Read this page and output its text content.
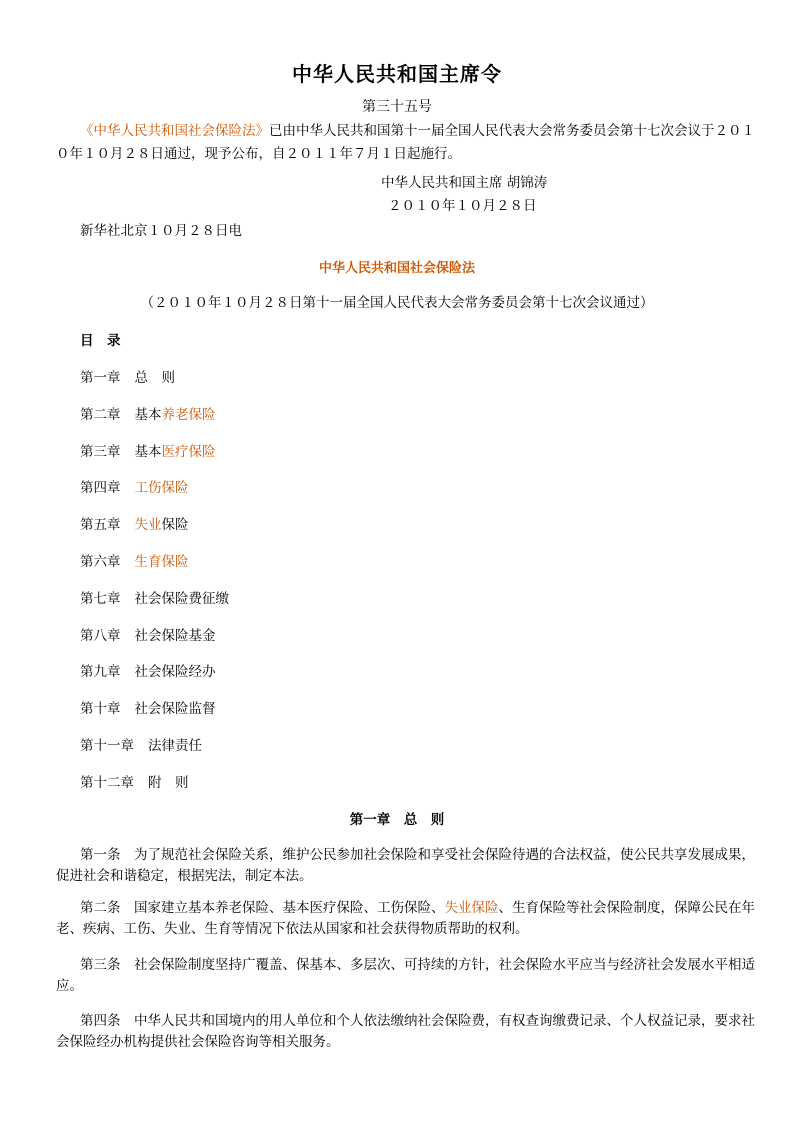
中华人民共和国主席令
第三十五号
《中华人民共和国社会保险法》已由中华人民共和国第十一届全国人民代表大会常务委员会第十七次会议于２０１０年１０月２８日通过，现予公布，自２０１１年７月１日起施行。
中华人民共和国主席 胡锦涛
２０１０年１０月２８日
新华社北京１０月２８日电
中华人民共和国社会保险法
（２０１０年１０月２８日第十一届全国人民代表大会常务委员会第十七次会议通过）
目　录
第一章 总　则
第二章 基本养老保险
第三章 基本医疗保险
第四章 工伤保险
第五章 失业保险
第六章 生育保险
第七章 社会保险费征缴
第八章 社会保险基金
第九章 社会保险经办
第十章 社会保险监督
第十一章 法律责任
第十二章 附　则
第一章　总　则
第一条　 为了规范社会保险关系，维护公民参加社会保险和享受社会保险待遇的合法权益，使公民共享发展成果，促进社会和谐稳定，根据宪法，制定本法。
第二条　 国家建立基本养老保险、基本医疗保险、工伤保险、失业保险、生育保险等社会保险制度，保障公民在年老、疾病、工伤、失业、生育等情况下依法从国家和社会获得物质帮助的权利。
第三条　 社会保险制度坚持广覆盖、保基本、多层次、可持续的方针，社会保险水平应当与经济社会发展水平相适应。
第四条　 中华人民共和国境内的用人单位和个人依法缴纳社会保险费，有权查询缴费记录、个人权益记录，要求社会保险经办机构提供社会保险咨询等相关服务。
